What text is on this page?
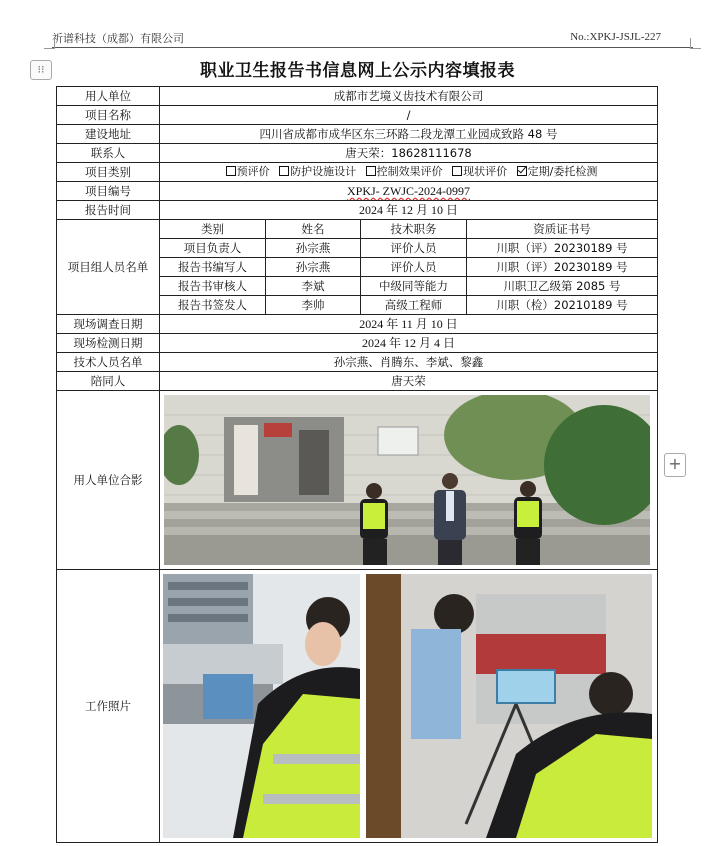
祈谱科技（成都）有限公司	No.:XPKJ-JSJL-227
⁝⁝
+
职业卫生报告书信息网上公示内容填报表
用人单位	成都市艺境义齿技术有限公司			
项目名称	/			
建设地址	四川省成都市成华区东三环路二段龙潭工业园成致路 48 号			
联系人	唐天荣：18628111678			
项目类别	预评价 防护设施设计 控制效果评价 现状评价 定期/委托检测			
项目编号	XPKJ- ZWJC-2024-0997			
报告时间	2024 年 12 月 10 日			
项目组人员名单	类别	姓名	技术职务	资质证书号
	项目负责人	孙宗燕	评价人员	川职（评）20230189 号
	报告书编写人	孙宗燕	评价人员	川职（评）20230189 号
	报告书审核人	李斌	中级同等能力	川职卫乙级第 2085 号
	报告书签发人	李帅	高级工程师	川职（检）20210189 号
现场调查日期	2024 年 11 月 10 日			
现场检测日期	2024 年 12 月 4 日			
技术人员名单	孙宗燕、肖腾东、李斌、黎鑫			
陪同人	唐天荣			
用人单位合影	

工作照片	
